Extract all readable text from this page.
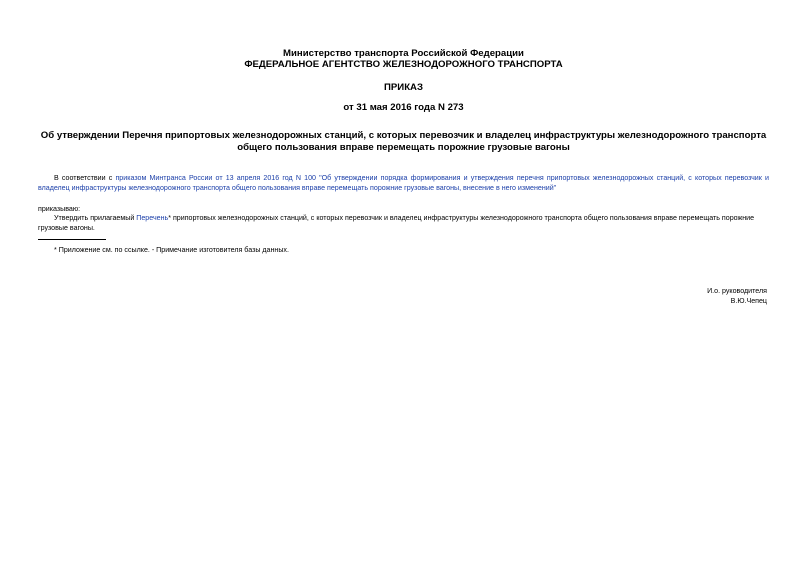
Министерство транспорта Российской Федерации
ФЕДЕРАЛЬНОЕ АГЕНТСТВО ЖЕЛЕЗНОДОРОЖНОГО ТРАНСПОРТА
ПРИКАЗ
от 31 мая 2016 года N 273
Об утверждении Перечня припортовых железнодорожных станций, с которых перевозчик и владелец инфраструктуры железнодорожного транспорта общего пользования вправе перемещать порожние грузовые вагоны
В соответствии с приказом Минтранса России от 13 апреля 2016 год N 100 "Об утверждении порядка формирования и утверждения перечня припортовых железнодорожных станций, с которых перевозчик и владелец инфраструктуры железнодорожного транспорта общего пользования вправе перемещать порожние грузовые вагоны, внесение в него изменений"
приказываю:
Утвердить прилагаемый Перечень* припортовых железнодорожных станций, с которых перевозчик и владелец инфраструктуры железнодорожного транспорта общего пользования вправе перемещать порожние грузовые вагоны.
* Приложение см. по ссылке. - Примечание изготовителя базы данных.
И.о. руководителя
В.Ю.Чепец
